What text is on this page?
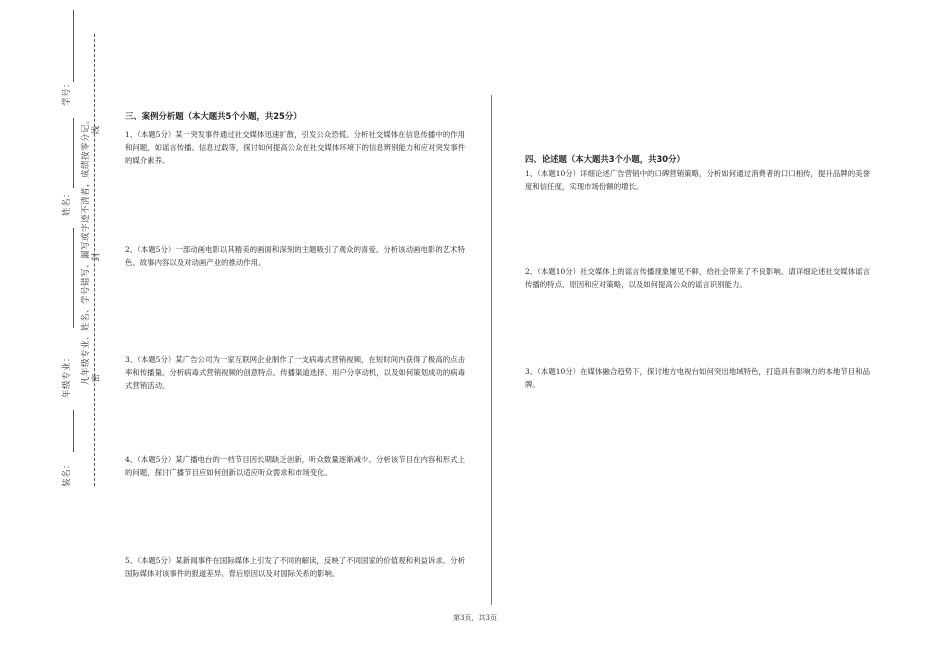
学号：
姓名：
年级专业：
装名：
凡年级专业、姓名、学号错写、漏写或字迹不清者，成绩按零分记。 线
封
密
三、案例分析题（本大题共5个小题，共25分）

1、（本题5分）某一突发事件通过社交媒体迅速扩散，引发公众恐慌。分析社交媒体在信息传播中的作用和问题，如谣言传播、信息过载等，探讨如何提高公众在社交媒体环境下的信息辨别能力和应对突发事件的媒介素养。

2、（本题5分）一部动画电影以其精美的画面和深刻的主题吸引了观众的喜爱。分析该动画电影的艺术特色、故事内容以及对动画产业的推动作用。

3、（本题5分）某广告公司为一家互联网企业制作了一支病毒式营销视频，在短时间内获得了极高的点击率和传播量。分析病毒式营销视频的创意特点、传播渠道选择、用户分享动机，以及如何策划成功的病毒式营销活动。

4、（本题5分）某广播电台的一档节目因长期缺乏创新，听众数量逐渐减少。分析该节目在内容和形式上的问题，探讨广播节目应如何创新以适应听众需求和市场变化。

5、（本题5分）某新闻事件在国际媒体上引发了不同的解读，反映了不同国家的价值观和利益诉求。分析国际媒体对该事件的报道差异、背后原因以及对国际关系的影响。

四、论述题（本大题共3个小题，共30分）

1、（本题10分）详细论述广告营销中的口碑营销策略，分析如何通过消费者的口口相传，提升品牌的美誉度和信任度，实现市场份额的增长。

2、（本题10分）社交媒体上的谣言传播现象屡见不鲜，给社会带来了不良影响。请详细论述社交媒体谣言传播的特点、原因和应对策略，以及如何提高公众的谣言识别能力。

3、（本题10分）在媒体融合趋势下，探讨地方电视台如何突出地域特色，打造具有影响力的本地节目和品牌。

第3页，共3页
